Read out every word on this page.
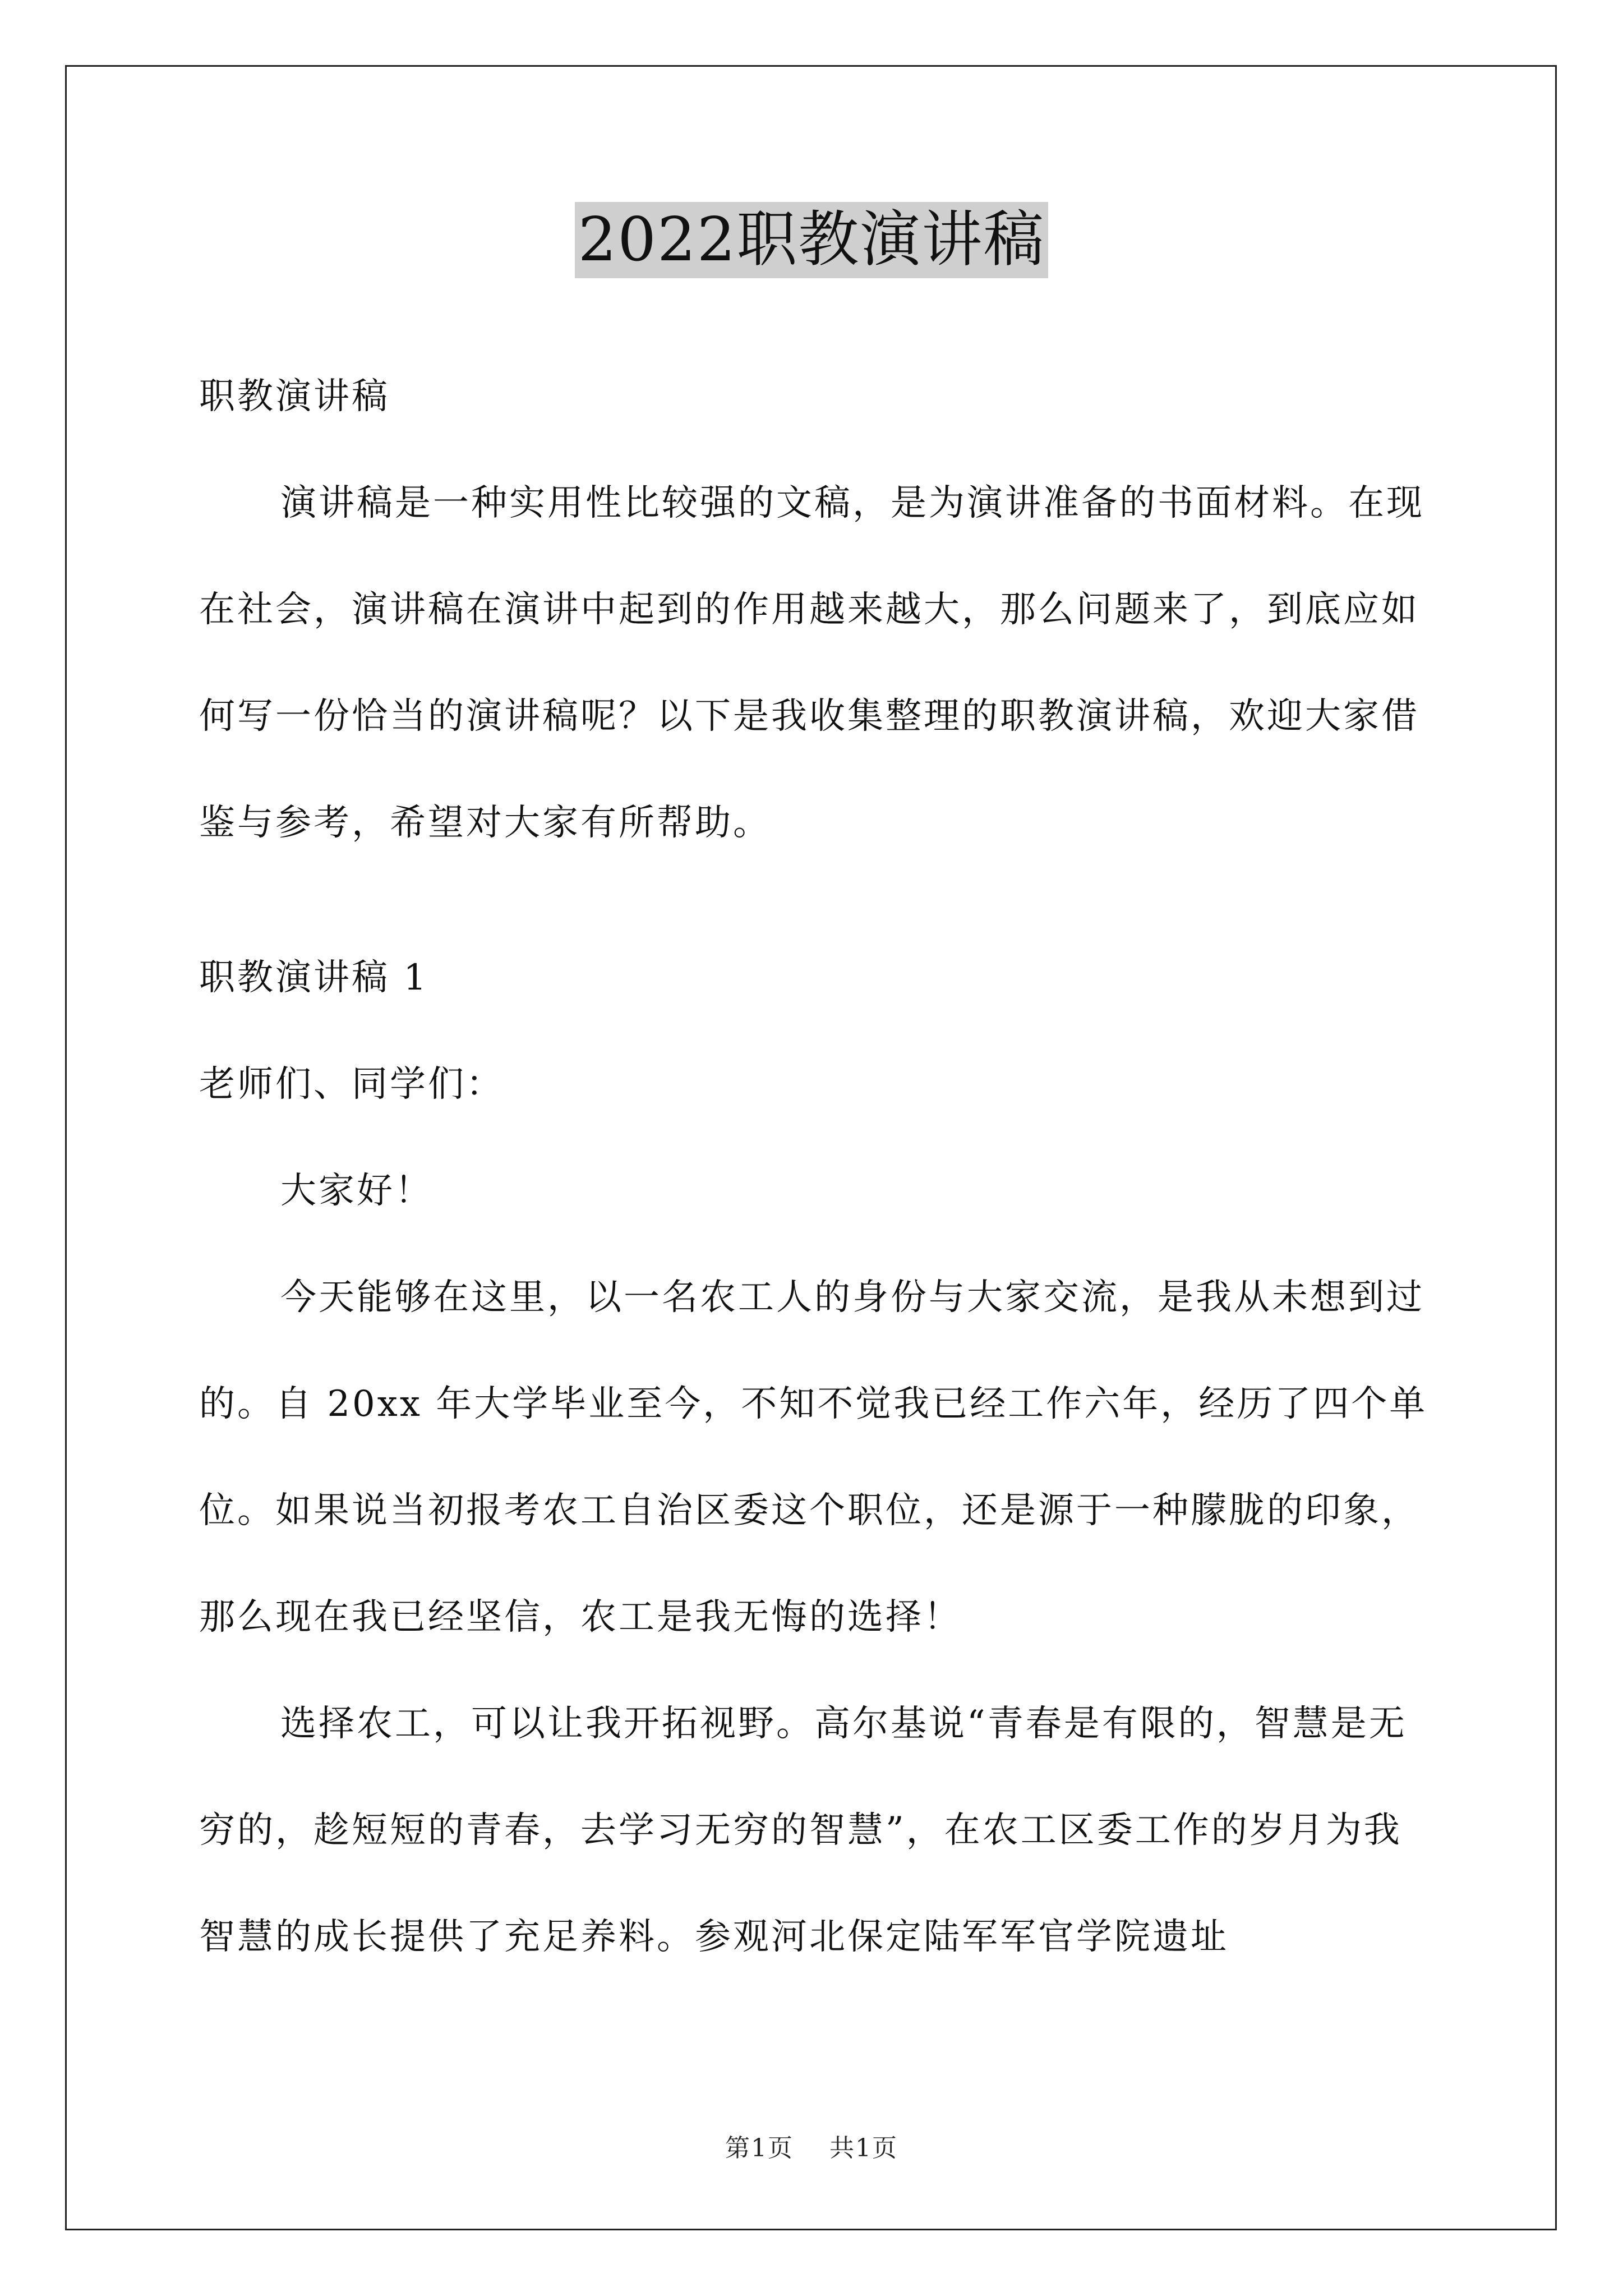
2022职教演讲稿

职教演讲稿

演讲稿是一种实用性比较强的文稿，是为演讲准备的书面材料。在现在社会，演讲稿在演讲中起到的作用越来越大，那么问题来了，到底应如何写一份恰当的演讲稿呢？以下是我收集整理的职教演讲稿，欢迎大家借鉴与参考，希望对大家有所帮助。

职教演讲稿 1

老师们、同学们：

大家好！

今天能够在这里，以一名农工人的身份与大家交流，是我从未想到过的。自 20xx 年大学毕业至今，不知不觉我已经工作六年，经历了四个单位。如果说当初报考农工自治区委这个职位，还是源于一种朦胧的印象，那么现在我已经坚信，农工是我无悔的选择！

选择农工，可以让我开拓视野。高尔基说“青春是有限的，智慧是无穷的，趁短短的青春，去学习无穷的智慧”，在农工区委工作的岁月为我智慧的成长提供了充足养料。参观河北保定陆军军官学院遗址

第1页 共1页
